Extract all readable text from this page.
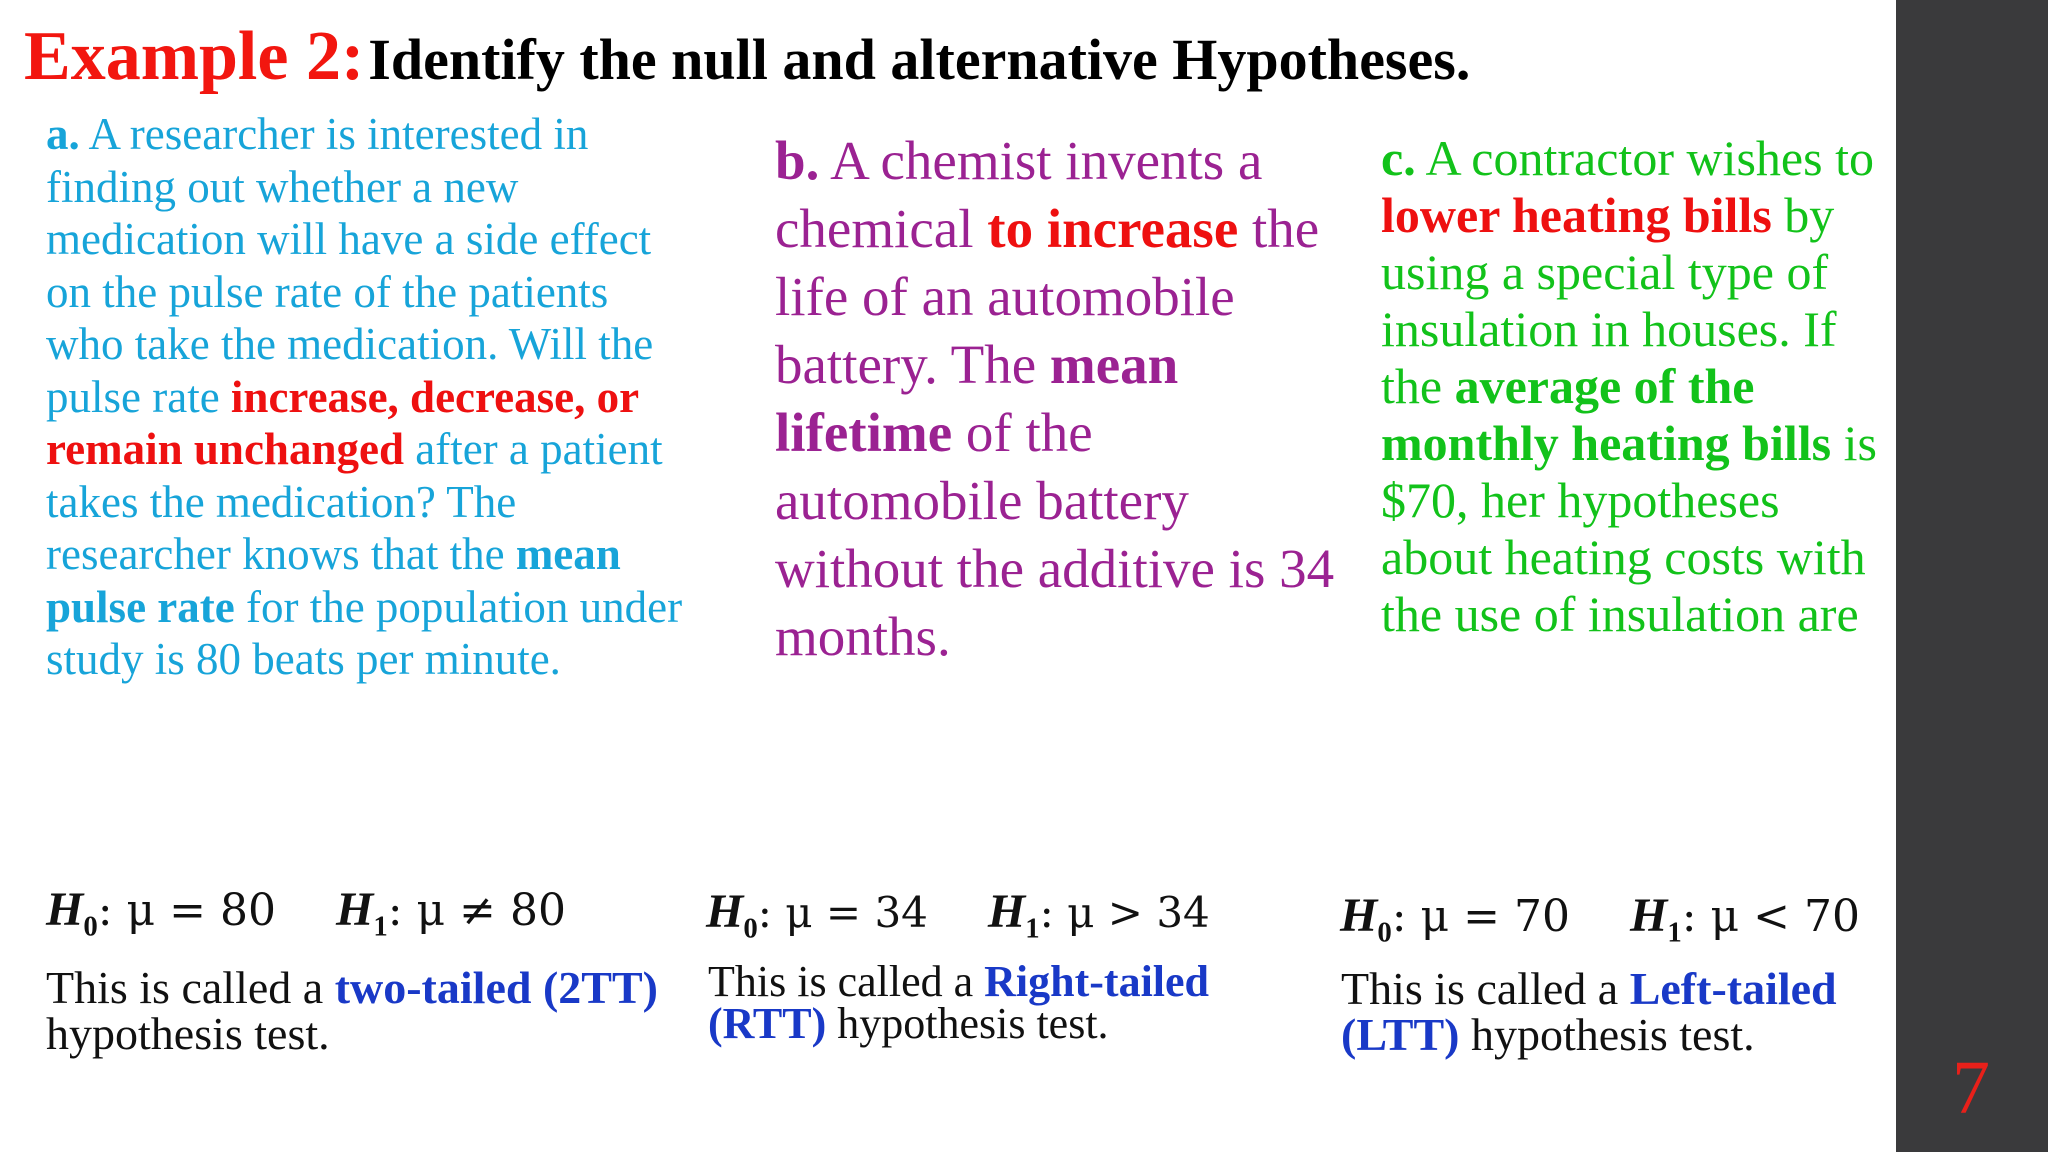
Example 2: Identify the null and alternative Hypotheses.
a. A researcher is interested in finding out whether a new medication will have a side effect on the pulse rate of the patients who take the medication. Will the pulse rate increase, decrease, or remain unchanged after a patient takes the medication? The researcher knows that the mean pulse rate for the population under study is 80 beats per minute.
b. A chemist invents a chemical to increase the life of an automobile battery. The mean lifetime of the automobile battery without the additive is 34 months.
c. A contractor wishes to lower heating bills by using a special type of insulation in houses. If the average of the monthly heating bills is $70, her hypotheses about heating costs with the use of insulation are
$H_0$: μ = 80 $H_1$: μ ≠ 80	$H_0$: μ = 34 $H_1$: μ > 34	$H_0$: μ = 70 $H_1$: μ < 70
This is called a two-tailed (2TT) hypothesis test.
This is called a Right-tailed (RTT) hypothesis test.
This is called a Left-tailed (LTT) hypothesis test.
7
